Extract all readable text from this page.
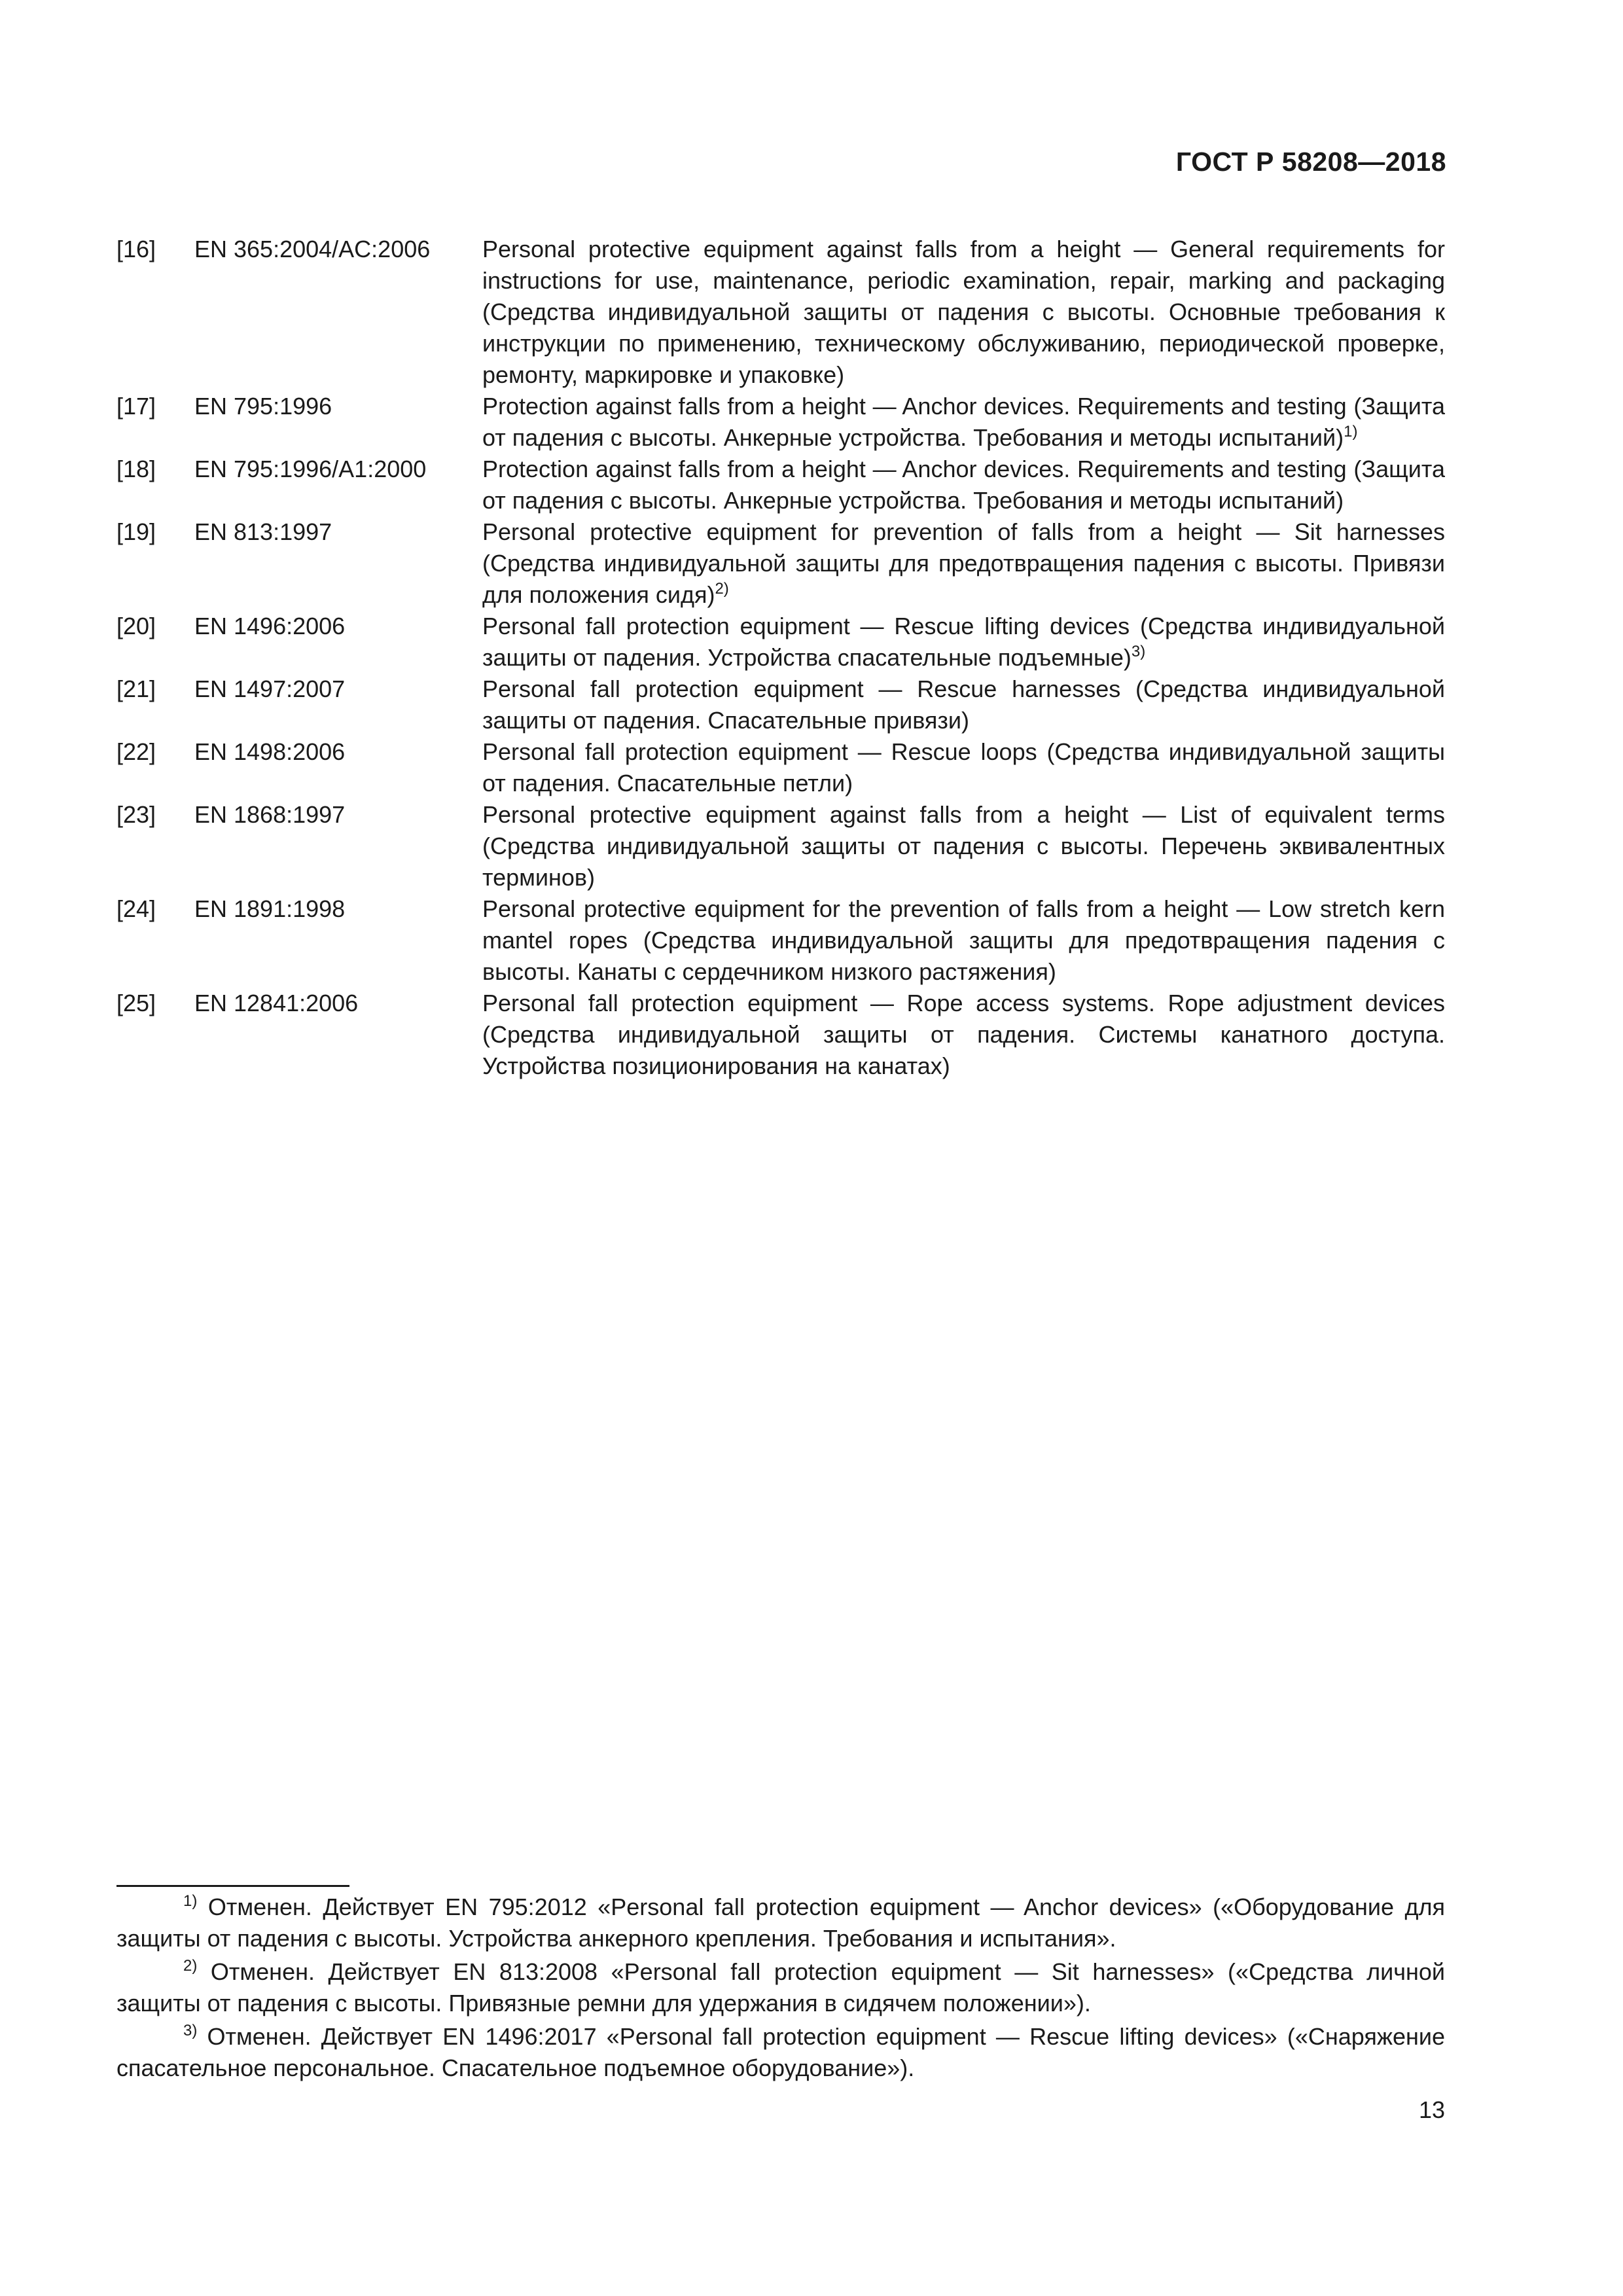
ГОСТ Р 58208—2018
[16]	EN 365:2004/AC:2006	Personal protective equipment against falls from a height — General requirements for instructions for use, maintenance, periodic examination, repair, marking and packaging (Средства индивидуальной защиты от падения с высоты. Основные требования к инструкции по применению, техническому обслуживанию, периодической проверке, ремонту, маркировке и упаковке)
[17]	EN 795:1996	Protection against falls from a height — Anchor devices. Requirements and testing (Защита от падения с высоты. Анкерные устройства. Требования и методы испытаний)$^{1)}$
[18]	EN 795:1996/A1:2000	Protection against falls from a height — Anchor devices. Requirements and testing (Защита от падения с высоты. Анкерные устройства. Требования и методы испытаний)
[19]	EN 813:1997	Personal protective equipment for prevention of falls from a height — Sit harnesses (Средства индивидуальной защиты для предотвращения падения с высоты. Привязи для положения сидя)$^{2)}$
[20]	EN 1496:2006	Personal fall protection equipment — Rescue lifting devices (Средства индивидуальной защиты от падения. Устройства спасательные подъемные)$^{3)}$
[21]	EN 1497:2007	Personal fall protection equipment — Rescue harnesses (Средства индивидуальной защиты от падения. Спасательные привязи)
[22]	EN 1498:2006	Personal fall protection equipment — Rescue loops (Средства индивидуальной защиты от падения. Спасательные петли)
[23]	EN 1868:1997	Personal protective equipment against falls from a height — List of equivalent terms (Средства индивидуальной защиты от падения с высоты. Перечень эквивалентных терминов)
[24]	EN 1891:1998	Personal protective equipment for the prevention of falls from a height — Low stretch kern mantel ropes (Средства индивидуальной защиты для предотвращения падения с высоты. Канаты с сердечником низкого растяжения)
[25]	EN 12841:2006	Personal fall protection equipment — Rope access systems. Rope adjustment devices (Средства индивидуальной защиты от падения. Системы канатного доступа. Устройства позиционирования на канатах)
$^{1)}$ Отменен. Действует EN 795:2012 «Personal fall protection equipment — Anchor devices» («Оборудование для защиты от падения с высоты. Устройства анкерного крепления. Требования и испытания».
$^{2)}$ Отменен. Действует EN 813:2008 «Personal fall protection equipment — Sit harnesses» («Средства личной защиты от падения с высоты. Привязные ремни для удержания в сидячем положении»).
$^{3)}$ Отменен. Действует EN 1496:2017 «Personal fall protection equipment — Rescue lifting devices» («Снаряжение спасательное персональное. Спасательное подъемное оборудование»).
13
